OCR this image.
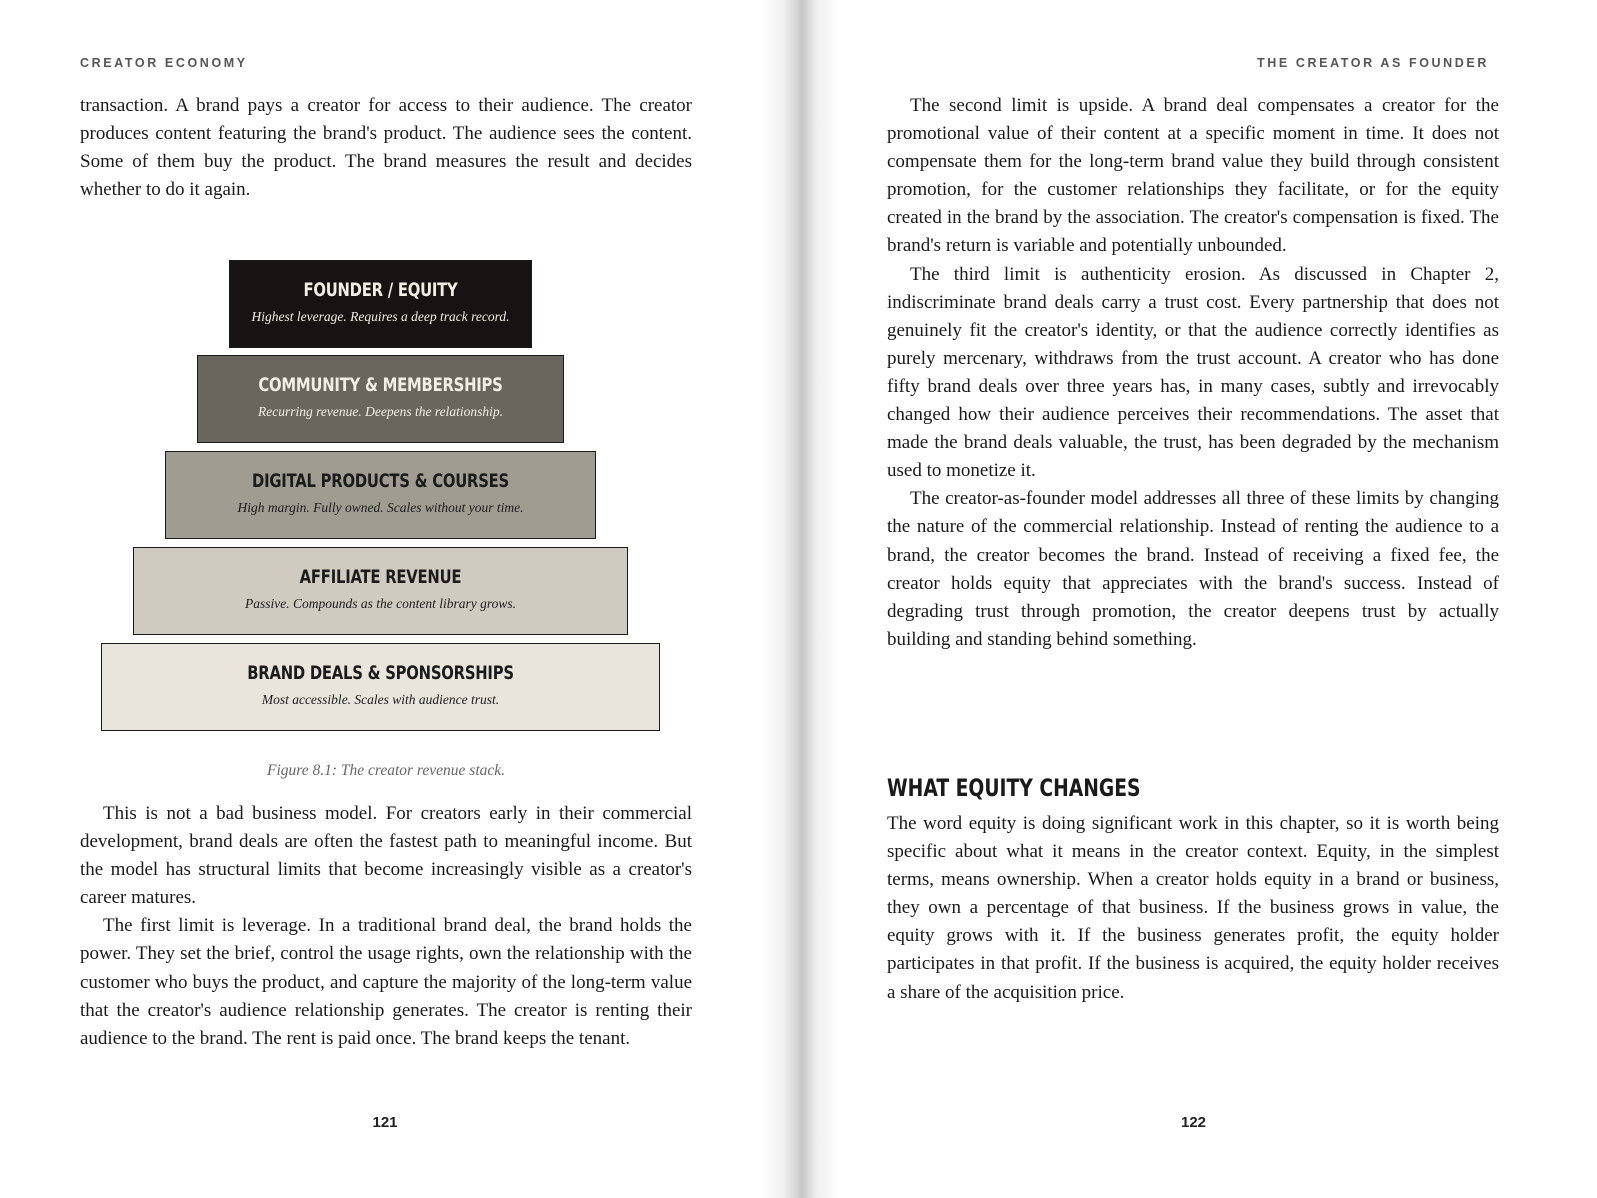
CREATOR ECONOMY

transaction. A brand pays a creator for access to their audience. The creator produces content featuring the brand's product. The audience sees the content. Some of them buy the product. The brand measures the result and decides whether to do it again.

FOUNDER / EQUITY
Highest leverage. Requires a deep track record.
COMMUNITY & MEMBERSHIPS
Recurring revenue. Deepens the relationship.
DIGITAL PRODUCTS & COURSES
High margin. Fully owned. Scales without your time.
AFFILIATE REVENUE
Passive. Compounds as the content library grows.
BRAND DEALS & SPONSORSHIPS
Most accessible. Scales with audience trust.
Figure 8.1: The creator revenue stack.

This is not a bad business model. For creators early in their commercial development, brand deals are often the fastest path to meaningful income. But the model has structural limits that become increasingly visible as a creator's career matures.

The first limit is leverage. In a traditional brand deal, the brand holds the power. They set the brief, control the usage rights, own the relationship with the customer who buys the product, and capture the majority of the long-term value that the creator's audience relationship generates. The creator is renting their audience to the brand. The rent is paid once. The brand keeps the tenant.

121
THE CREATOR AS FOUNDER

The second limit is upside. A brand deal compensates a creator for the promotional value of their content at a specific moment in time. It does not compensate them for the long-term brand value they build through consistent promotion, for the customer relationships they facilitate, or for the equity created in the brand by the association. The creator's compensation is fixed. The brand's return is variable and potentially unbounded.

The third limit is authenticity erosion. As discussed in Chapter 2, indiscriminate brand deals carry a trust cost. Every partnership that does not genuinely fit the creator's identity, or that the audience correctly identifies as purely mercenary, withdraws from the trust account. A creator who has done fifty brand deals over three years has, in many cases, subtly and irrevocably changed how their audience perceives their recommendations. The asset that made the brand deals valuable, the trust, has been degraded by the mechanism used to monetize it.

The creator-as-founder model addresses all three of these limits by changing the nature of the commercial relationship. Instead of renting the audience to a brand, the creator becomes the brand. Instead of receiving a fixed fee, the creator holds equity that appreciates with the brand's success. Instead of degrading trust through promotion, the creator deepens trust by actually building and standing behind something.

WHAT EQUITY CHANGES

The word equity is doing significant work in this chapter, so it is worth being specific about what it means in the creator context. Equity, in the simplest terms, means ownership. When a creator holds equity in a brand or business, they own a percentage of that business. If the business grows in value, the equity grows with it. If the business generates profit, the equity holder participates in that profit. If the business is acquired, the equity holder receives a share of the acquisition price.

122
